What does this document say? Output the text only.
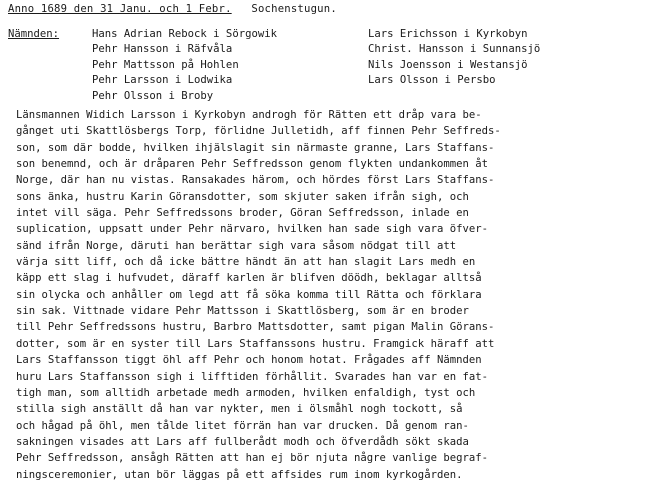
Anno 1689 den 31 Janu. och 1 Febr. Sochenstugun.
Nämnden:	Hans Adrian Rebock i Sörgowik
Pehr Hansson i Räfvåla
Pehr Mattsson på Hohlen
Pehr Larsson i Lodwika
Pehr Olsson i Broby
Lars Erichsson i Kyrkobyn
Christ. Hansson i Sunnansjö
Nils Joensson i Westansjö
Lars Olsson i Persbo
Länsmannen Widich Larsson i Kyrkobyn androgh för Rätten ett dråp vara be-
gånget uti Skattlösbergs Torp, förlidne Julletidh, aff finnen Pehr Seffreds-
son, som där bodde, hvilken ihjälslagit sin närmaste granne, Lars Staffans-
son benemnd, och är dråparen Pehr Seffredsson genom flykten undankommen åt
Norge, där han nu vistas. Ransakades härom, och hördes först Lars Staffans-
sons änka, hustru Karin Göransdotter, som skjuter saken ifrån sigh, och
intet vill säga. Pehr Seffredssons broder, Göran Seffredsson, inlade en
suplication, uppsatt under Pehr närvaro, hvilken han sade sigh vara öfver-
sänd ifrån Norge, däruti han berättar sigh vara såsom nödgat till att
värja sitt liff, och då icke bättre händt än att han slagit Lars medh en
käpp ett slag i hufvudet, däraff karlen är blifven döödh, beklagar alltså
sin olycka och anhåller om legd att få söka komma till Rätta och förklara
sin sak. Vittnade vidare Pehr Mattsson i Skattlösberg, som är en broder
till Pehr Seffredssons hustru, Barbro Mattsdotter, samt pigan Malin Görans-
dotter, som är en syster till Lars Staffanssons hustru. Framgick häraff att
Lars Staffansson tiggt öhl aff Pehr och honom hotat. Frågades aff Nämnden
huru Lars Staffansson sigh i lifftiden förhållit. Svarades han var en fat-
tigh man, som alltidh arbetade medh armoden, hvilken enfaldigh, tyst och
stilla sigh anställt då han var nykter, men i ölsmåhl nogh tockott, så
och hågad på öhl, men tålde litet förrän han var drucken. Då genom ran-
sakningen visades att Lars aff fullberådt modh och öfverdådh sökt skada
Pehr Seffredsson, ansågh Rätten att han ej bör njuta någre vanlige begraf-
ningsceremonier, utan bör läggas på ett affsides rum inom kyrkogården.
